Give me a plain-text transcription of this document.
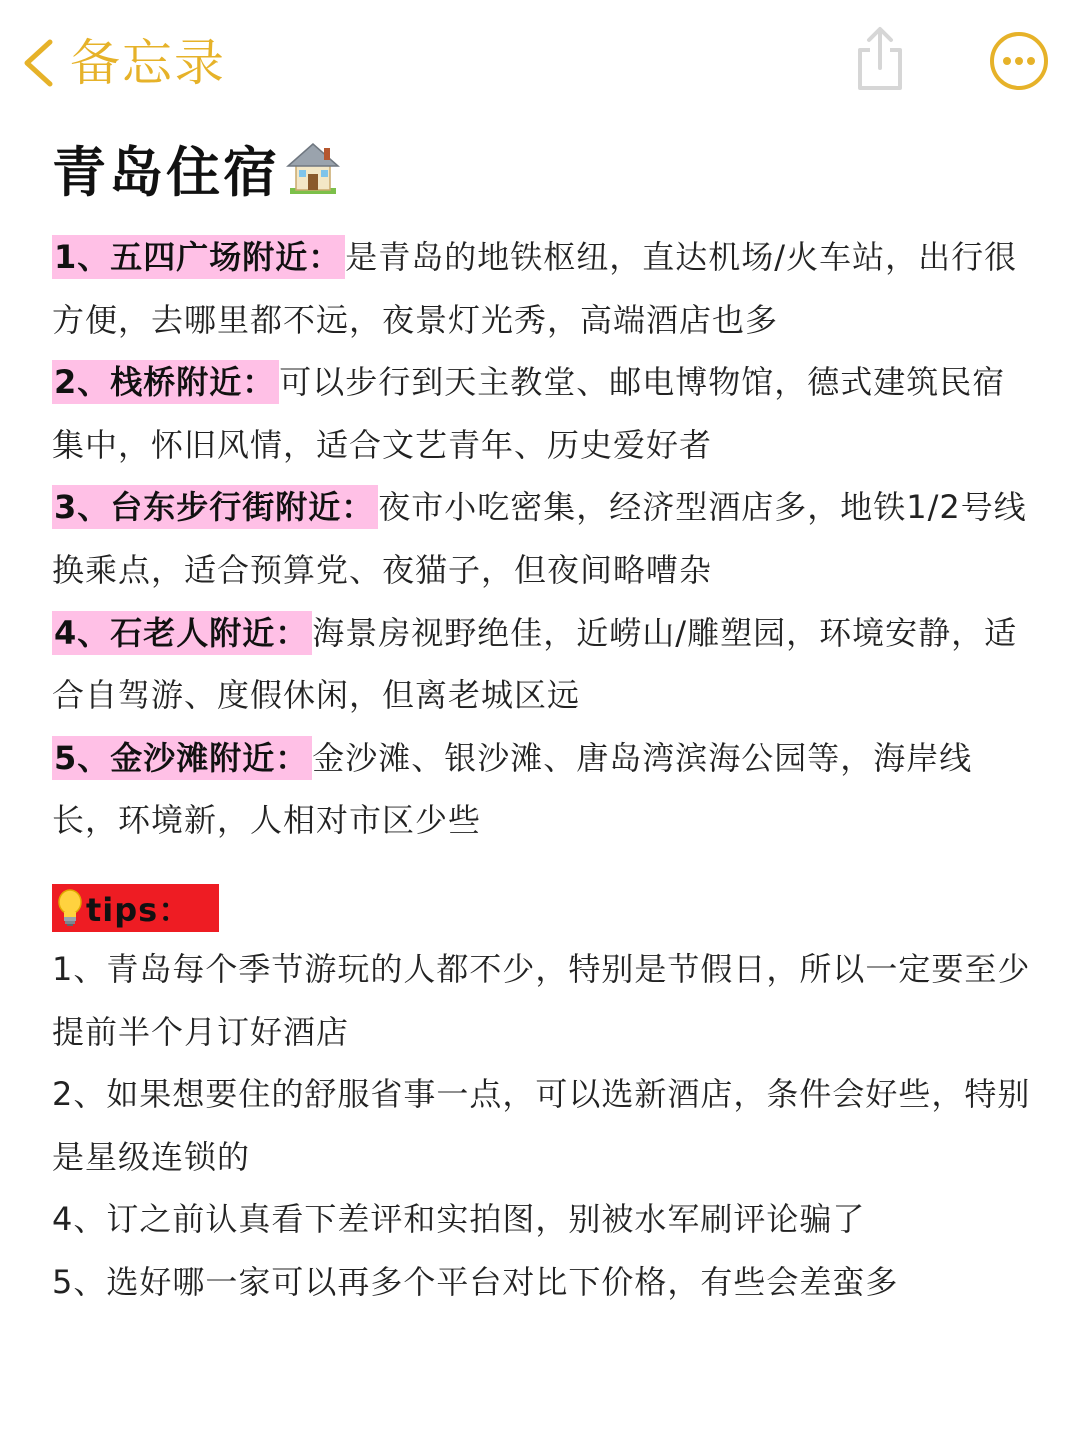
备忘录
青岛住宿

1、五四广场附近： 是青岛的地铁枢纽，直达机场/火车站，出行很方便，去哪里都不远，夜景灯光秀，高端酒店也多

2、栈桥附近： 可以步行到天主教堂、邮电博物馆，德式建筑民宿集中，怀旧风情，适合文艺青年、历史爱好者

3、台东步行街附近： 夜市小吃密集，经济型酒店多，地铁1/2号线换乘点，适合预算党、夜猫子，但夜间略嘈杂

4、石老人附近： 海景房视野绝佳，近崂山/雕塑园，环境安静，适合自驾游、度假休闲，但离老城区远

5、金沙滩附近： 金沙滩、银沙滩、唐岛湾滨海公园等，海岸线长，环境新，人相对市区少些

tips：

1、青岛每个季节游玩的人都不少，特别是节假日，所以一定要至少提前半个月订好酒店

2、如果想要住的舒服省事一点，可以选新酒店，条件会好些，特别是星级连锁的

4、订之前认真看下差评和实拍图，别被水军刷评论骗了

5、选好哪一家可以再多个平台对比下价格，有些会差蛮多
